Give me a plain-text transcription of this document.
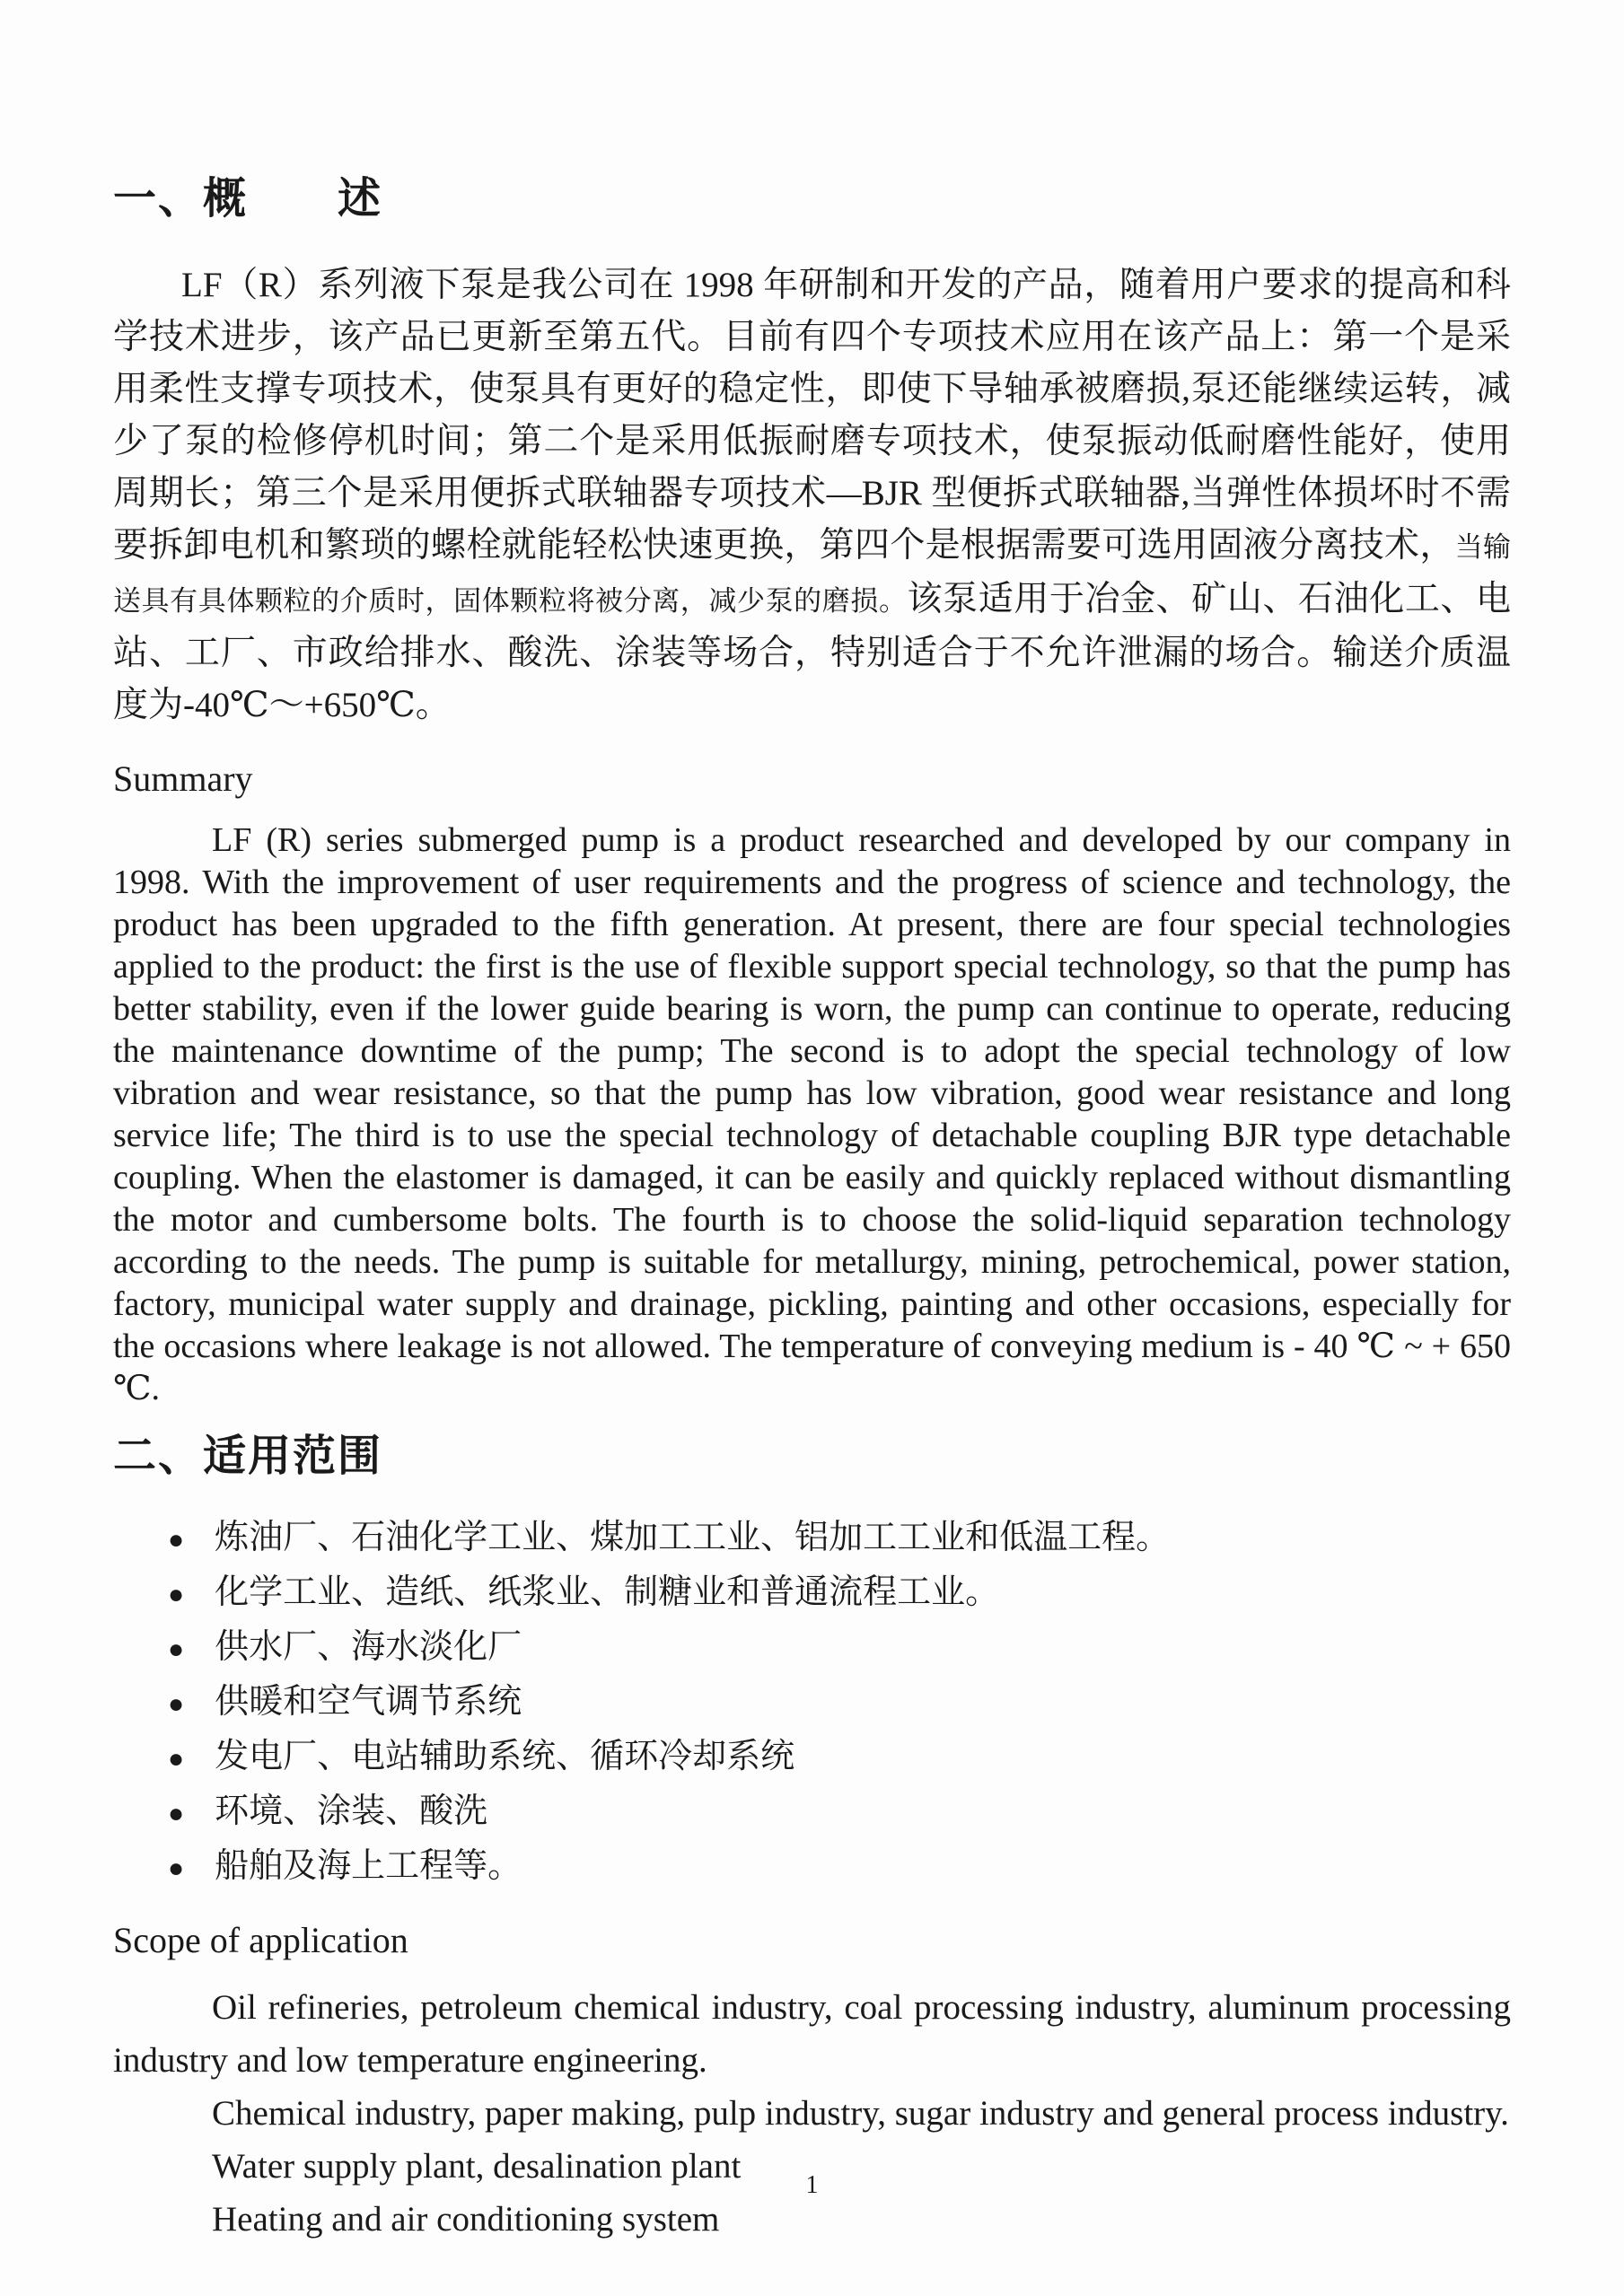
一、概　　述

LF（R）系列液下泵是我公司在 1998 年研制和开发的产品，随着用户要求的提高和科学技术进步，该产品已更新至第五代。目前有四个专项技术应用在该产品上：第一个是采用柔性支撑专项技术，使泵具有更好的稳定性，即使下导轴承被磨损,泵还能继续运转，减少了泵的检修停机时间；第二个是采用低振耐磨专项技术，使泵振动低耐磨性能好，使用周期长；第三个是采用便拆式联轴器专项技术—BJR 型便拆式联轴器,当弹性体损坏时不需要拆卸电机和繁琐的螺栓就能轻松快速更换，第四个是根据需要可选用固液分离技术，当输送具有具体颗粒的介质时，固体颗粒将被分离，减少泵的磨损。该泵适用于冶金、矿山、石油化工、电站、工厂、市政给排水、酸洗、涂装等场合，特别适合于不允许泄漏的场合。输送介质温度为-40℃～+650℃。

Summary

LF (R) series submerged pump is a product researched and developed by our company in 1998. With the improvement of user requirements and the progress of science and technology, the product has been upgraded to the fifth generation. At present, there are four special technologies applied to the product: the first is the use of flexible support special technology, so that the pump has better stability, even if the lower guide bearing is worn, the pump can continue to operate, reducing the maintenance downtime of the pump; The second is to adopt the special technology of low vibration and wear resistance, so that the pump has low vibration, good wear resistance and long service life; The third is to use the special technology of detachable coupling BJR type detachable coupling. When the elastomer is damaged, it can be easily and quickly replaced without dismantling the motor and cumbersome bolts. The fourth is to choose the solid-liquid separation technology according to the needs. The pump is suitable for metallurgy, mining, petrochemical, power station, factory, municipal water supply and drainage, pickling, painting and other occasions, especially for the occasions where leakage is not allowed. The temperature of conveying medium is - 40 ℃ ~ + 650 ℃.

二、适用范围
● 炼油厂、石油化学工业、煤加工工业、铝加工工业和低温工程。
● 化学工业、造纸、纸浆业、制糖业和普通流程工业。
● 供水厂、海水淡化厂
● 供暖和空气调节系统
● 发电厂、电站辅助系统、循环冷却系统
● 环境、涂装、酸洗
● 船舶及海上工程等。

Scope of application

Oil refineries, petroleum chemical industry, coal processing industry, aluminum processing industry and low temperature engineering.

Chemical industry, paper making, pulp industry, sugar industry and general process industry.

Water supply plant, desalination plant

Heating and air conditioning system

1
